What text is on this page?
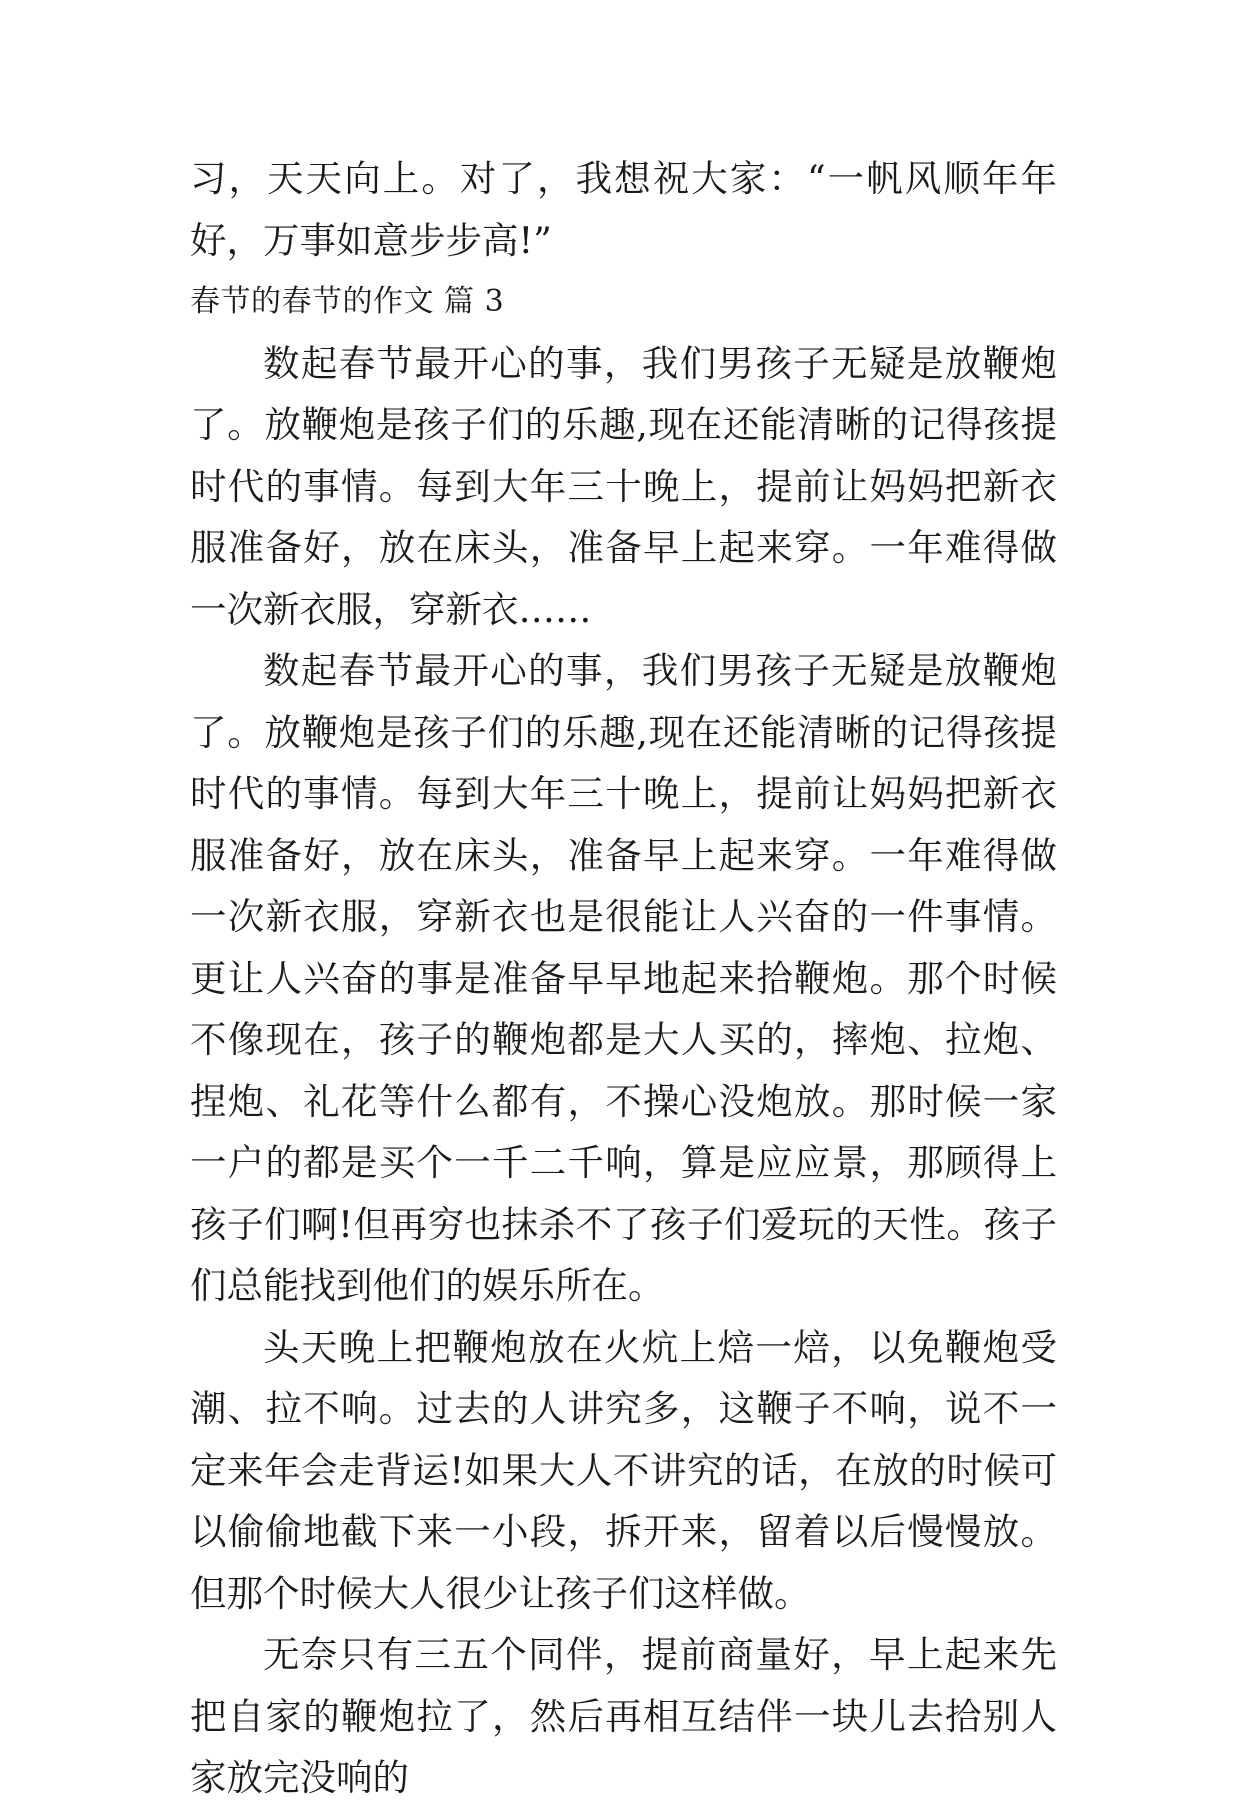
习，天天向上。对了，我想祝大家：“一帆风顺年年好，万事如意步步高!”

春节的春节的作文 篇 3

数起春节最开心的事，我们男孩子无疑是放鞭炮了。放鞭炮是孩子们的乐趣,现在还能清晰的记得孩提时代的事情。每到大年三十晚上，提前让妈妈把新衣服准备好，放在床头，准备早上起来穿。一年难得做一次新衣服，穿新衣……

数起春节最开心的事，我们男孩子无疑是放鞭炮了。放鞭炮是孩子们的乐趣,现在还能清晰的记得孩提时代的事情。每到大年三十晚上，提前让妈妈把新衣服准备好，放在床头，准备早上起来穿。一年难得做一次新衣服，穿新衣也是很能让人兴奋的一件事情。更让人兴奋的事是准备早早地起来拾鞭炮。那个时候不像现在，孩子的鞭炮都是大人买的，摔炮、拉炮、捏炮、礼花等什么都有，不操心没炮放。那时候一家一户的都是买个一千二千响，算是应应景，那顾得上孩子们啊!但再穷也抹杀不了孩子们爱玩的天性。孩子们总能找到他们的娱乐所在。

头天晚上把鞭炮放在火炕上焙一焙，以免鞭炮受潮、拉不响。过去的人讲究多，这鞭子不响，说不一定来年会走背运!如果大人不讲究的话，在放的时候可以偷偷地截下来一小段，拆开来，留着以后慢慢放。但那个时候大人很少让孩子们这样做。

无奈只有三五个同伴，提前商量好，早上起来先把自家的鞭炮拉了，然后再相互结伴一块儿去拾别人家放完没响的
